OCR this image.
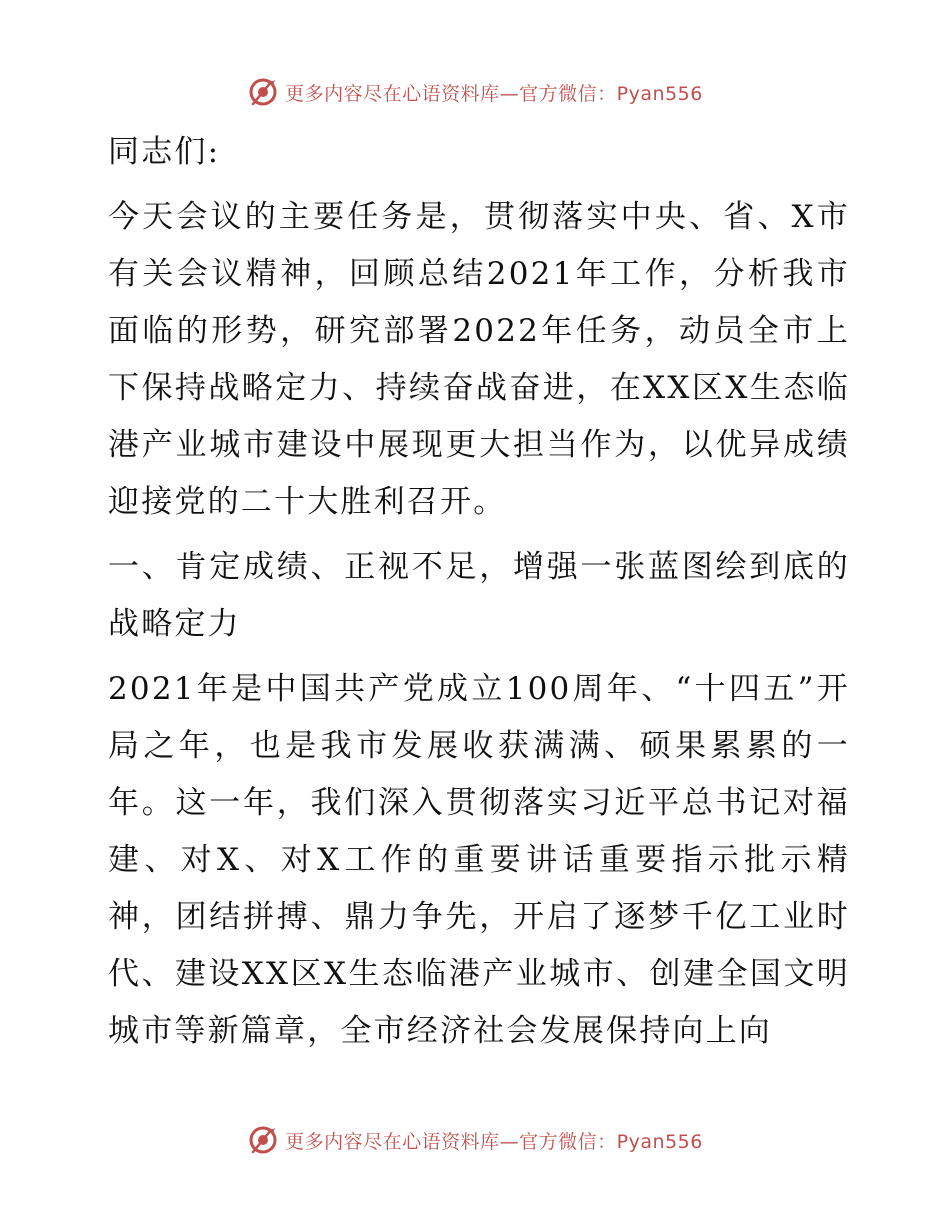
更多内容尽在心语资料库—官方微信：Pyan556

同志们:

今天会议的主要任务是，贯彻落实中央、省、X市有关会议精神，回顾总结2021年工作，分析我市面临的形势，研究部署2022年任务，动员全市上下保持战略定力、持续奋战奋进，在XX区X生态临港产业城市建设中展现更大担当作为，以优异成绩迎接党的二十大胜利召开。

一、肯定成绩、正视不足，增强一张蓝图绘到底的战略定力

2021年是中国共产党成立100周年、“十四五”开局之年，也是我市发展收获满满、硕果累累的一年。这一年，我们深入贯彻落实习近平总书记对福建、对X、对X工作的重要讲话重要指示批示精神，团结拼搏、鼎力争先，开启了逐梦千亿工业时代、建设XX区X生态临港产业城市、创建全国文明城市等新篇章，全市经济社会发展保持向上向

更多内容尽在心语资料库—官方微信：Pyan556
